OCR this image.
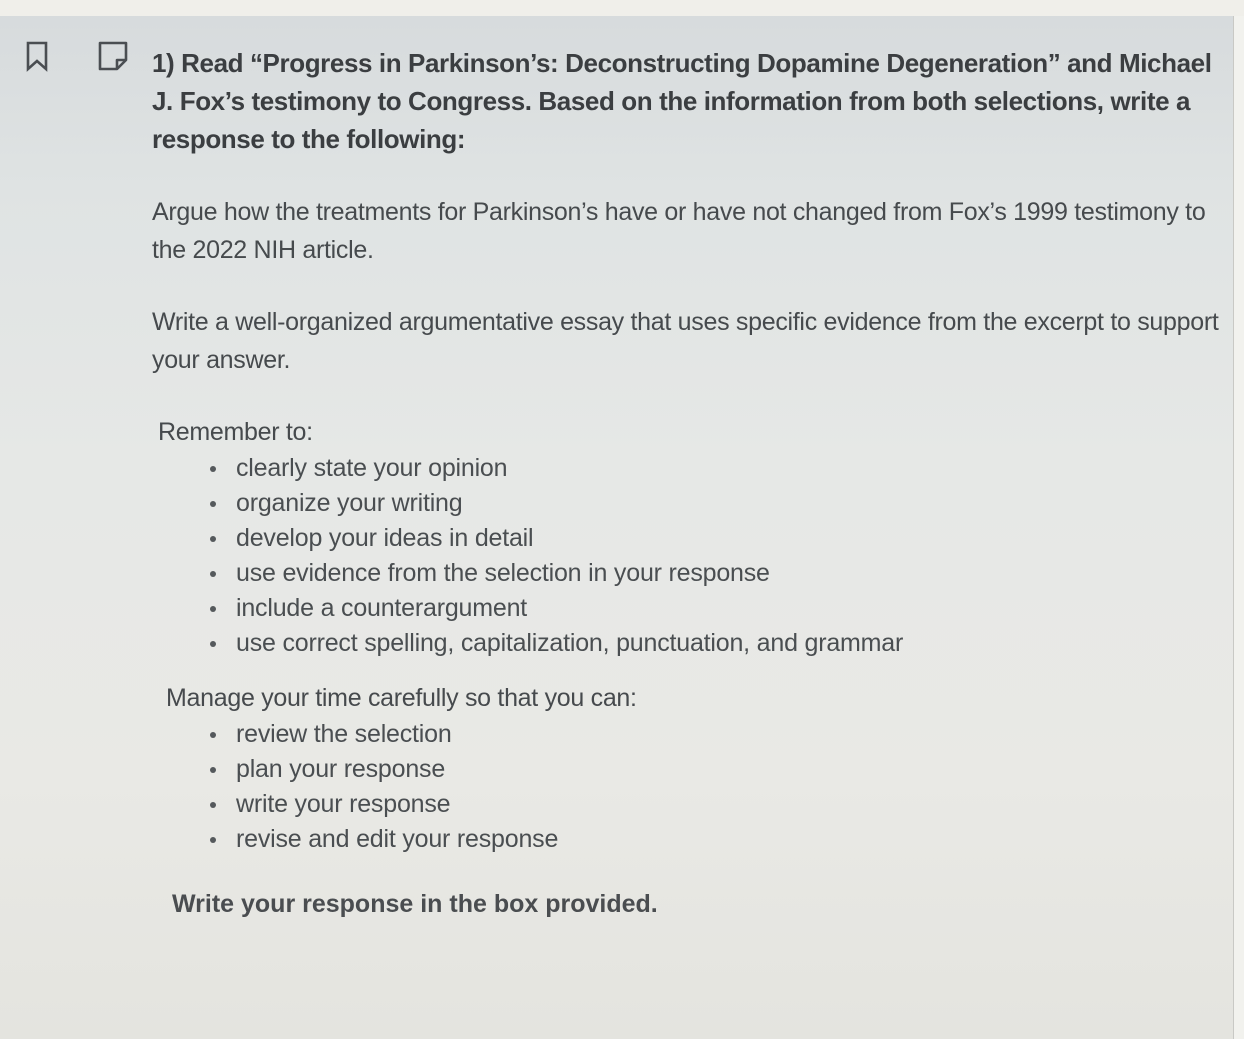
1) Read “Progress in Parkinson’s: Deconstructing Dopamine Degeneration” and Michael J. Fox’s testimony to Congress. Based on the information from both selections, write a response to the following:

Argue how the treatments for Parkinson’s have or have not changed from Fox’s 1999 testimony to the 2022 NIH article.

Write a well-organized argumentative essay that uses specific evidence from the excerpt to support your answer.

Remember to:

clearly state your opinion
organize your writing
develop your ideas in detail
use evidence from the selection in your response
include a counterargument
use correct spelling, capitalization, punctuation, and grammar

Manage your time carefully so that you can:

review the selection
plan your response
write your response
revise and edit your response

Write your response in the box provided.
